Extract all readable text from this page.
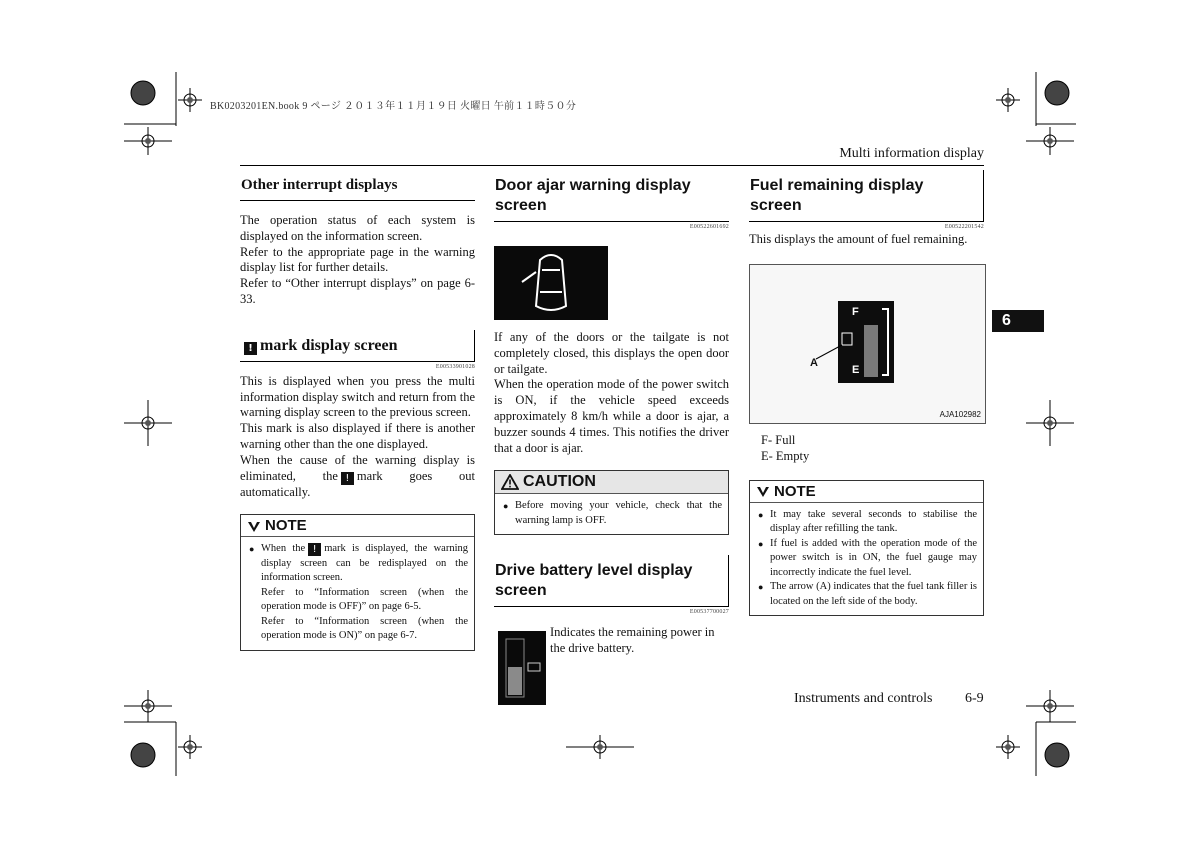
BK0203201EN.book 9 ページ ２０１３年１１月１９日 火曜日 午前１１時５０分
Multi information display
Other interrupt displays

The operation status of each system is displayed on the information screen.

Refer to the appropriate page in the warning display list for further details.

Refer to “Other interrupt displays” on page 6-33.

! mark display screen
E00533901028

This is displayed when you press the multi information display switch and return from the warning display screen to the previous screen.

This mark is also displayed if there is another warning other than the one displayed.

When the cause of the warning display is eliminated, the ! mark goes out automatically.

NOTE
● When the ! mark is displayed, the warning display screen can be redisplayed on the information screen.
Refer to “Information screen (when the operation mode is OFF)” on page 6-5.
Refer to “Information screen (when the operation mode is ON)” on page 6-7.
Door ajar warning display screen
E00522601692

If any of the doors or the tailgate is not completely closed, this displays the open door or tailgate.

When the operation mode of the power switch is ON, if the vehicle speed exceeds approximately 8 km/h while a door is ajar, a buzzer sounds 4 times. This notifies the driver that a door is ajar.

CAUTION
● Before moving your vehicle, check that the warning lamp is OFF.
Drive battery level display screen
E00537700027

Indicates the remaining power in the drive battery.

Fuel remaining display screen
E00522201542

This displays the amount of fuel remaining.

F
E
A
AJA102982
F- Full
E- Empty
NOTE
● It may take several seconds to stabilise the display after refilling the tank.
● If fuel is added with the operation mode of the power switch is in ON, the fuel gauge may incorrectly indicate the fuel level.
● The arrow (A) indicates that the fuel tank filler is located on the left side of the body.
6
Instruments and controls 6-9
